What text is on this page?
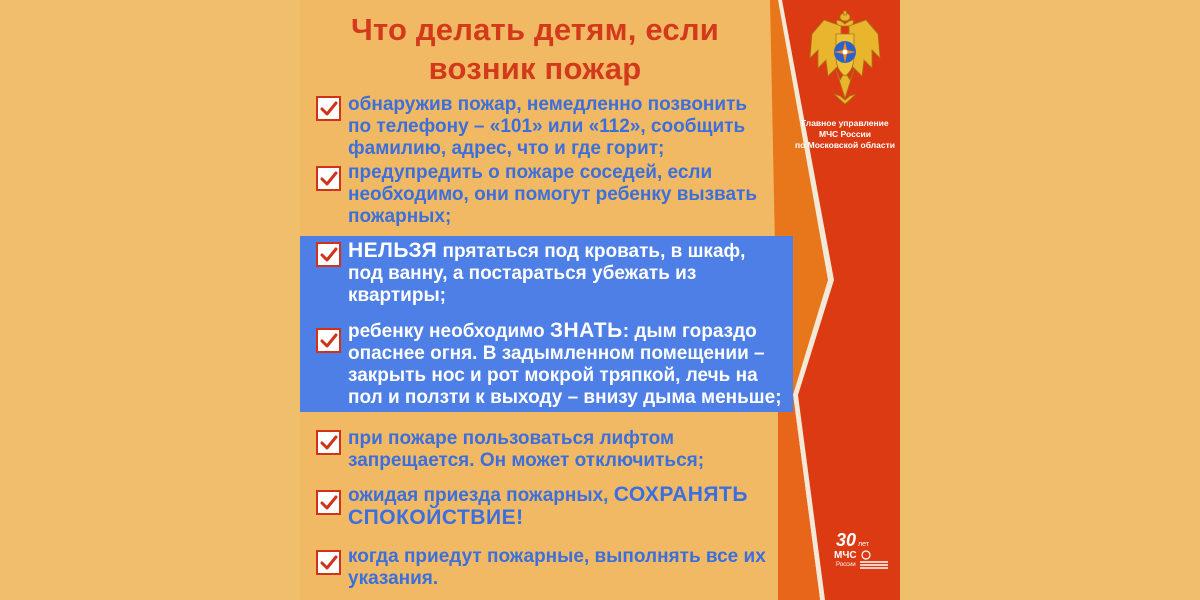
Что делать детям, если
возник пожар
обнаружив пожар, немедленно позвонить
по телефону – «101» или «112», сообщить
фамилию, адрес, что и где горит;
предупредить о пожаре соседей, если
необходимо, они помогут ребенку вызвать
пожарных;
НЕЛЬЗЯ прятаться под кровать, в шкаф,
под ванну, а постараться убежать из
квартиры;
ребенку необходимо ЗНАТЬ: дым гораздо
опаснее огня. В задымленном помещении –
закрыть нос и рот мокрой тряпкой, лечь на
пол и ползти к выходу – внизу дыма меньше;
при пожаре пользоваться лифтом
запрещается. Он может отключиться;
ожидая приезда пожарных, СОХРАНЯТЬ
СПОКОЙСТВИЕ!
когда приедут пожарные, выполнять все их
указания.

Главное управление
МЧС России
по Московской области

30 лет
МЧС
России
